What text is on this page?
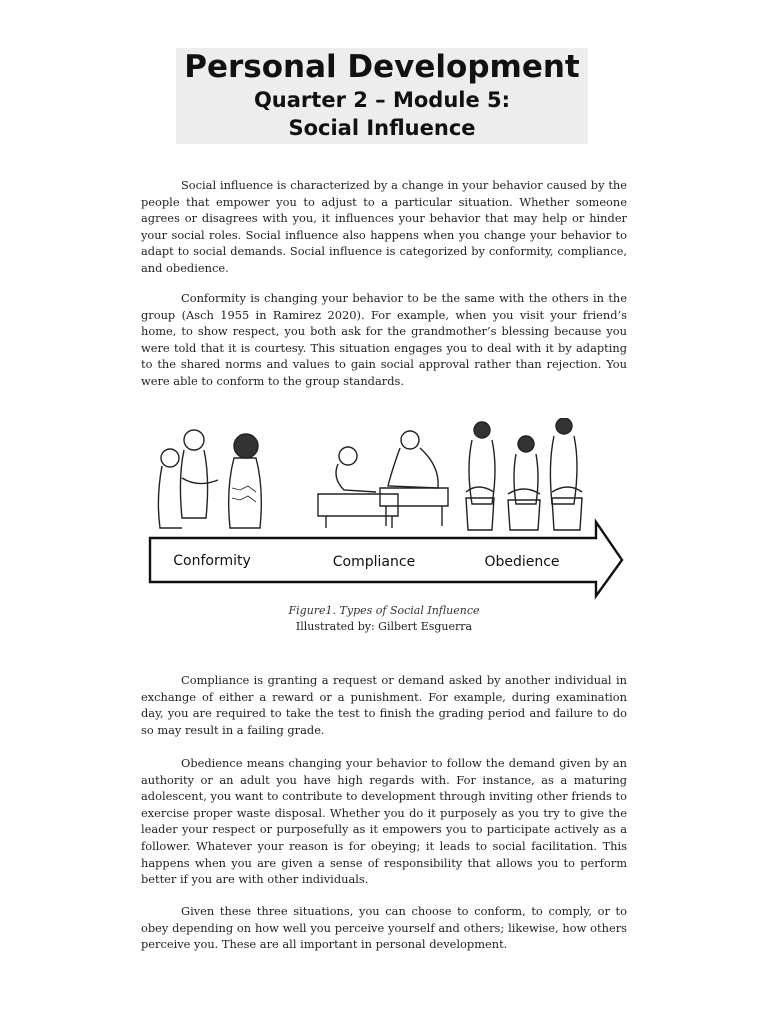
Personal Development
Quarter 2 – Module 5:
Social Influence

Social influence is characterized by a change in your behavior caused by the people that empower you to adjust to a particular situation. Whether someone agrees or disagrees with you, it influences your behavior that may help or hinder your social roles. Social influence also happens when you change your behavior to adapt to social demands. Social influence is categorized by conformity, compliance, and obedience.

Conformity is changing your behavior to be the same with the others in the group (Asch 1955 in Ramirez 2020). For example, when you visit your friend’s home, to show respect, you both ask for the grandmother’s blessing because you were told that it is courtesy. This situation engages you to deal with it by adapting to the shared norms and values to gain social approval rather than rejection. You were able to conform to the group standards.

Conformity	Compliance	Obedience
Figure1. Types of Social Influence
Illustrated by: Gilbert Esguerra

Compliance is granting a request or demand asked by another individual in exchange of either a reward or a punishment. For example, during examination day, you are required to take the test to finish the grading period and failure to do so may result in a failing grade.

Obedience means changing your behavior to follow the demand given by an authority or an adult you have high regards with. For instance, as a maturing adolescent, you want to contribute to development through inviting other friends to exercise proper waste disposal. Whether you do it purposely as you try to give the leader your respect or purposefully as it empowers you to participate actively as a follower. Whatever your reason is for obeying; it leads to social facilitation. This happens when you are given a sense of responsibility that allows you to perform better if you are with other individuals.

Given these three situations, you can choose to conform, to comply, or to obey depending on how well you perceive yourself and others; likewise, how others perceive you. These are all important in personal development.
